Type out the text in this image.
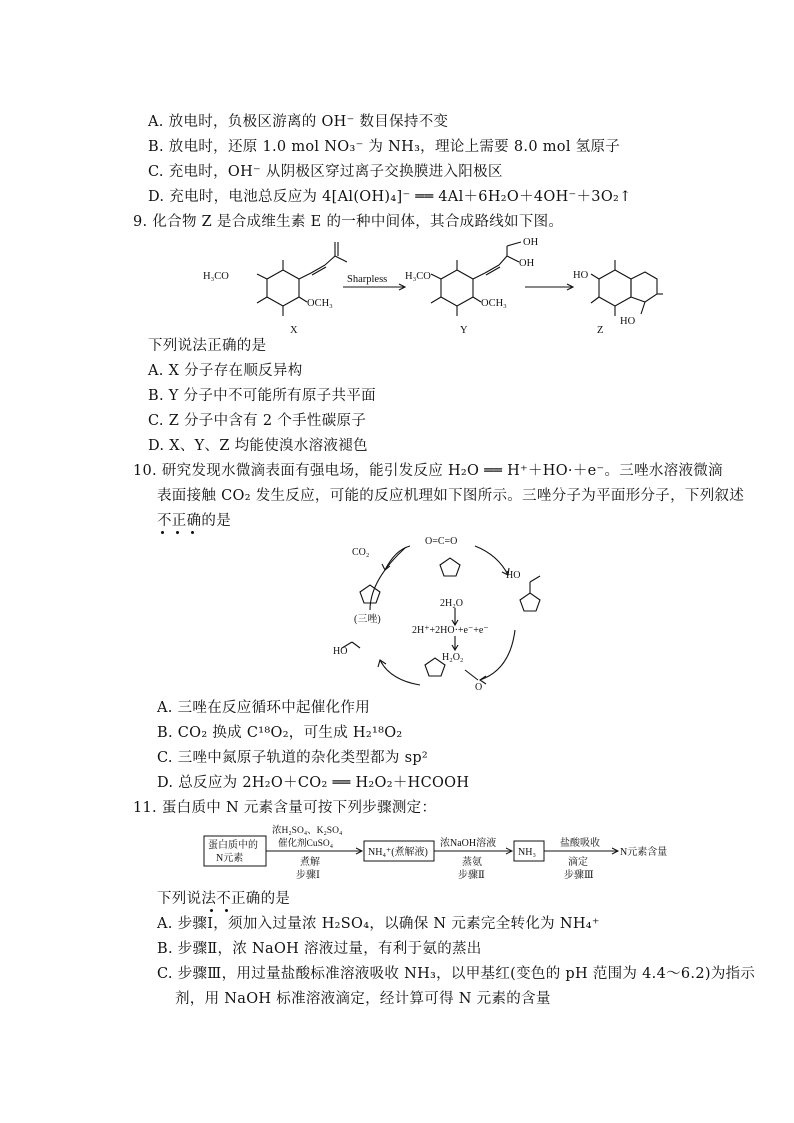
A. 放电时，负极区游离的 OH⁻ 数目保持不变
B. 放电时，还原 1.0 mol NO₃⁻ 为 NH₃，理论上需要 8.0 mol 氢原子
C. 充电时，OH⁻ 从阴极区穿过离子交换膜进入阳极区
D. 充电时，电池总反应为 4[Al(OH)₄]⁻ ══ 4Al＋6H₂O＋4OH⁻＋3O₂↑
9. 化合物 Z 是合成维生素 E 的一种中间体，其合成路线如下图。
H₃CO
OCH₃
X
Sharpless H₃CO
OCH₃
OH
OH
Y
HO
HO
Z
下列说法正确的是
A. X 分子存在顺反异构
B. Y 分子中不可能所有原子共平面
C. Z 分子中含有 2 个手性碳原子
D. X、Y、Z 均能使溴水溶液褪色
10. 研究发现水微滴表面有强电场，能引发反应 H₂O ══ H⁺＋HO·＋e⁻。三唑水溶液微滴
表面接触 CO₂ 发生反应，可能的反应机理如下图所示。三唑分子为平面形分子，下列叙述
不正确的是
CO₂
O=C=O
(三唑)
2H₂O
2H⁺+2HO·+e⁻+e⁻
H₂O₂
HO
HO
O
A. 三唑在反应循环中起催化作用
B. CO₂ 换成 C¹⁸O₂，可生成 H₂¹⁸O₂
C. 三唑中氮原子轨道的杂化类型都为 sp²
D. 总反应为 2H₂O＋CO₂ ══ H₂O₂＋HCOOH
11. 蛋白质中 N 元素含量可按下列步骤测定：
蛋白质中的
N元素
浓H₂SO₄、K₂SO₄
催化剂CuSO₄
煮解
步骤Ⅰ
NH₄⁺(煮解液)
浓NaOH溶液
蒸氨
步骤Ⅱ
NH₃
盐酸吸收
滴定
步骤Ⅲ
N元素含量
下列说法不正确的是
A. 步骤Ⅰ，须加入过量浓 H₂SO₄，以确保 N 元素完全转化为 NH₄⁺
B. 步骤Ⅱ，浓 NaOH 溶液过量，有利于氨的蒸出
C. 步骤Ⅲ，用过量盐酸标准溶液吸收 NH₃，以甲基红(变色的 pH 范围为 4.4～6.2)为指示
剂，用 NaOH 标准溶液滴定，经计算可得 N 元素的含量
